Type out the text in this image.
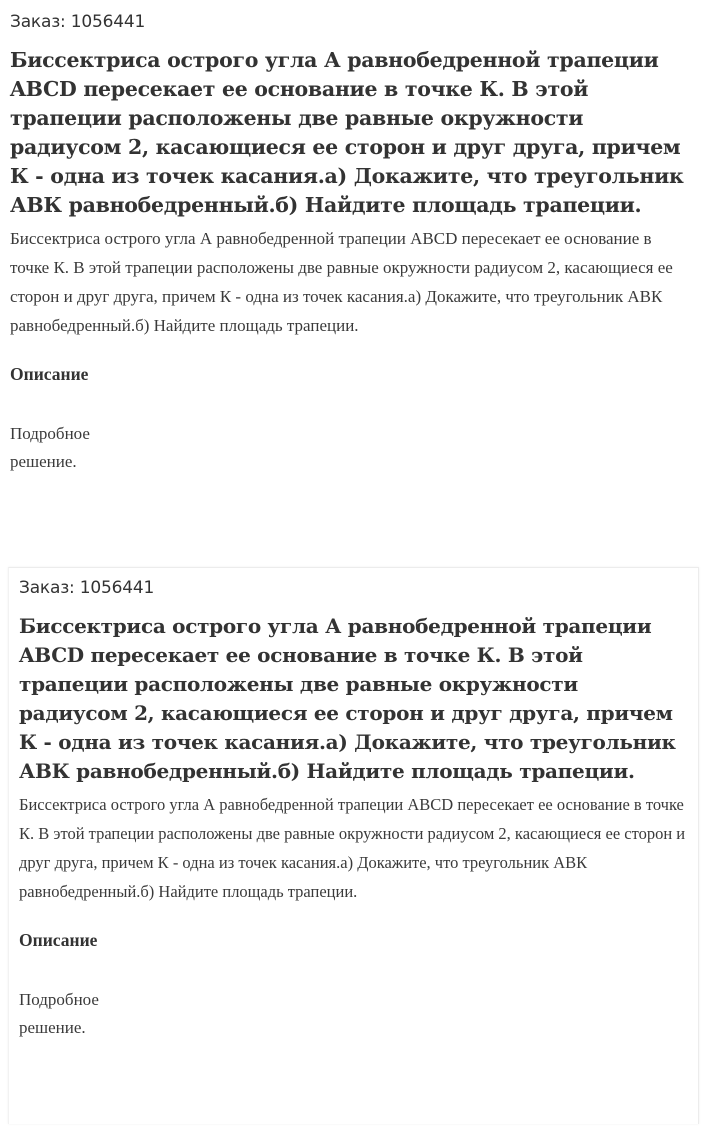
Заказ: 1056441

Биссектриса острого угла А равнобедренной трапеции ABCD пересекает ее основание в точке К. В этой трапеции расположены две равные окружности радиусом 2, касающиеся ее сторон и друг друга, причем К - одна из точек касания.а) Докажите, что треугольник АВК равнобедренный.б) Найдите площадь трапеции.

Биссектриса острого угла А равнобедренной трапеции ABCD пересекает ее основание в точке К. В этой трапеции расположены две равные окружности радиусом 2, касающиеся ее сторон и друг друга, причем К - одна из точек касания.а) Докажите, что треугольник АВК равнобедренный.б) Найдите площадь трапеции.

Описание

Подробное решение.

Заказ: 1056441

Биссектриса острого угла А равнобедренной трапеции ABCD пересекает ее основание в точке К. В этой трапеции расположены две равные окружности радиусом 2, касающиеся ее сторон и друг друга, причем К - одна из точек касания.а) Докажите, что треугольник АВК равнобедренный.б) Найдите площадь трапеции.

Биссектриса острого угла А равнобедренной трапеции ABCD пересекает ее основание в точке К. В этой трапеции расположены две равные окружности радиусом 2, касающиеся ее сторон и друг друга, причем К - одна из точек касания.а) Докажите, что треугольник АВК равнобедренный.б) Найдите площадь трапеции.

Описание

Подробное решение.
